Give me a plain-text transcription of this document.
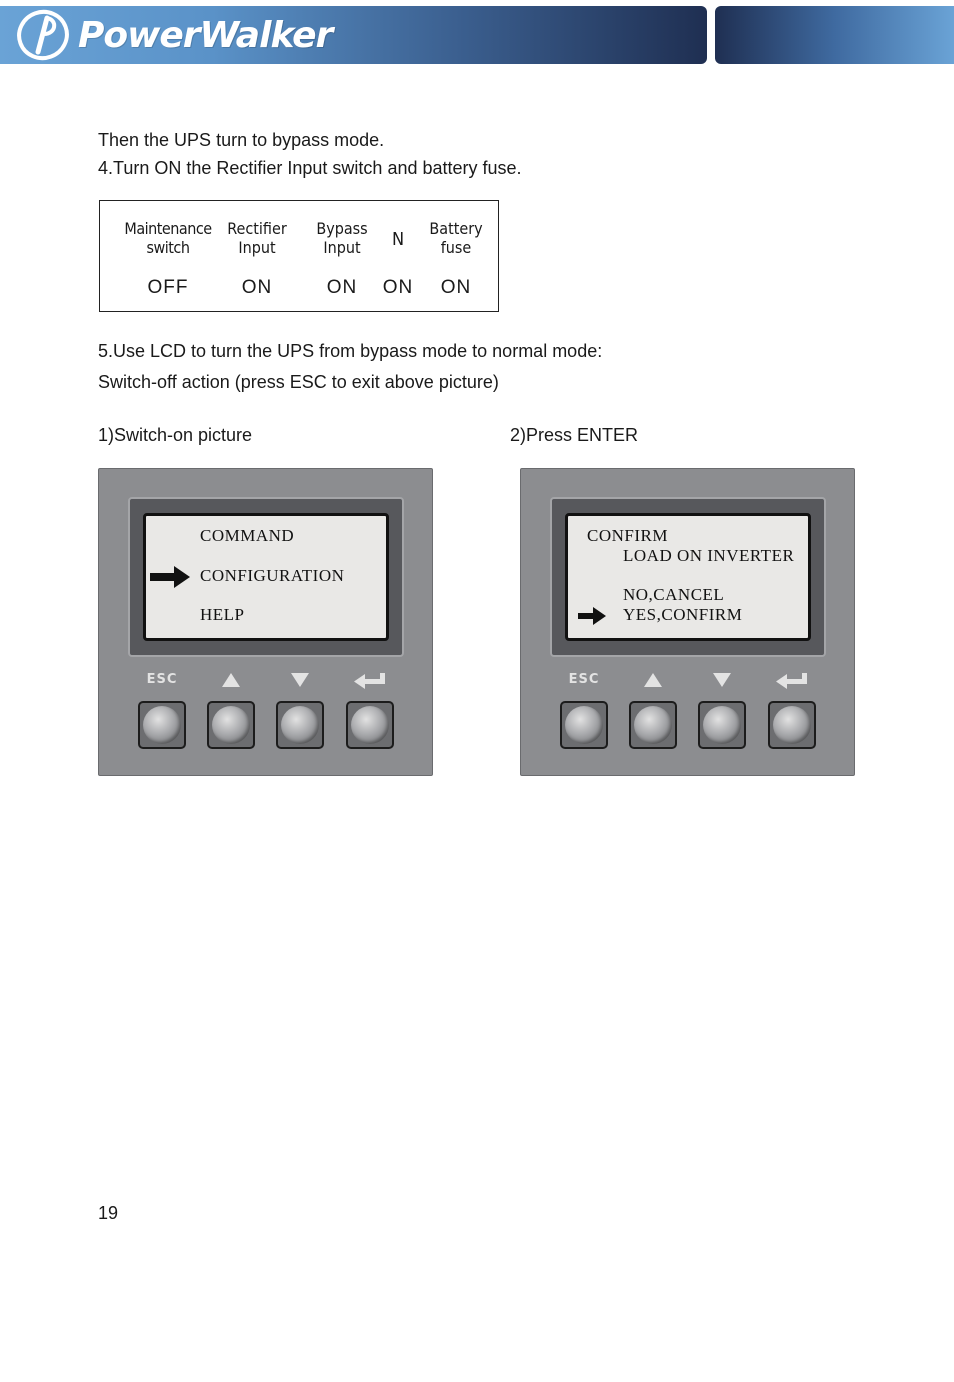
PowerWalker
Then the UPS turn to bypass mode.
4.Turn ON the Rectifier Input switch and battery fuse.
Maintenance
switch
OFF
Rectifier
Input
ON
Bypass
Input
ON
N
ON
Battery
fuse
ON
5.Use LCD to turn the UPS from bypass mode to normal mode:
Switch-off action (press ESC to exit above picture)
1)Switch-on picture	2)Press ENTER
COMMAND
CONFIGURATION
HELP
ESC
CONFIRM
LOAD ON INVERTER
NO,CANCEL
YES,CONFIRM
ESC
19
